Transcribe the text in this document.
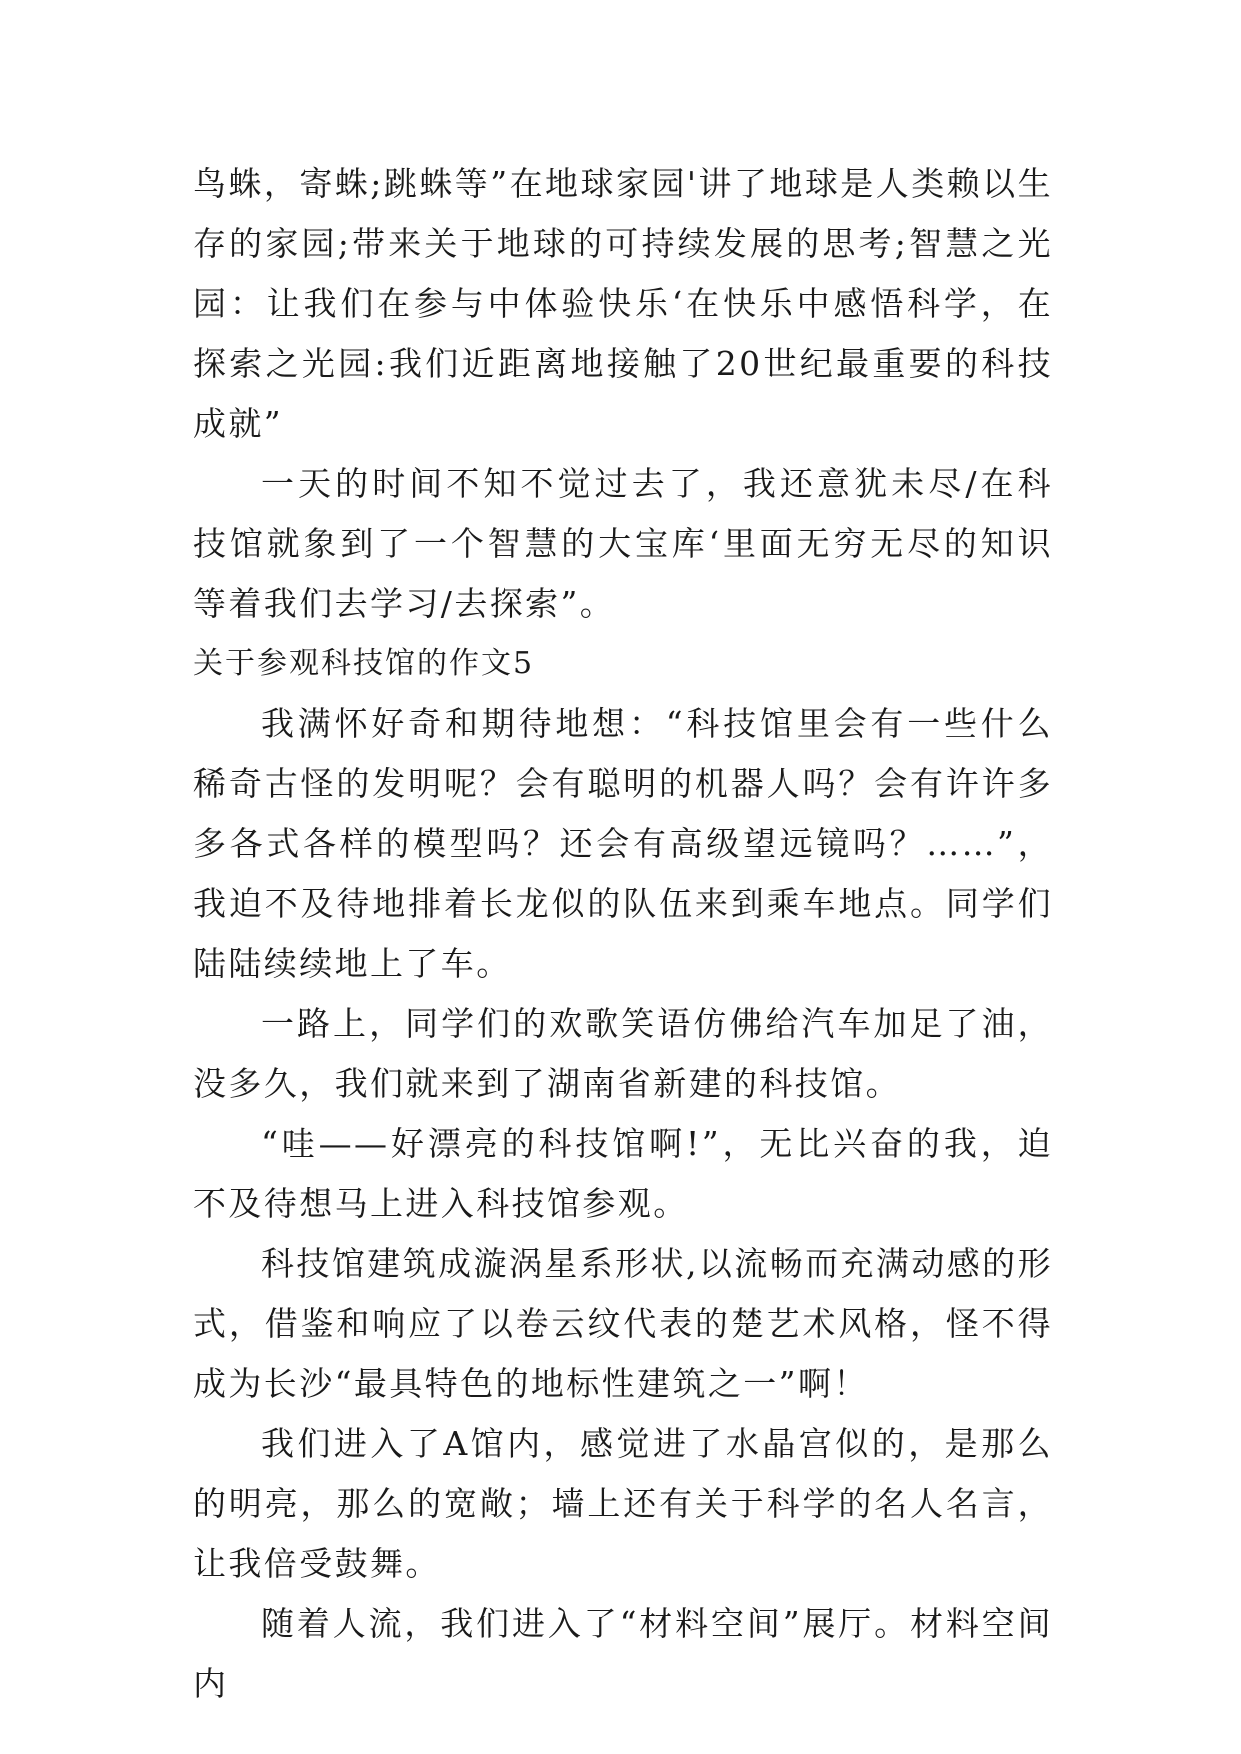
鸟蛛，寄蛛;跳蛛等”在地球家园'讲了地球是人类赖以生存的家园;带来关于地球的可持续发展的思考;智慧之光园：让我们在参与中体验快乐‘在快乐中感悟科学，在探索之光园:我们近距离地接触了20世纪最重要的科技成就”

一天的时间不知不觉过去了，我还意犹未尽/在科技馆就象到了一个智慧的大宝库‘里面无穷无尽的知识等着我们去学习/去探索”。

关于参观科技馆的作文5

我满怀好奇和期待地想：“科技馆里会有一些什么稀奇古怪的发明呢？会有聪明的机器人吗？会有许许多多各式各样的模型吗？还会有高级望远镜吗？……”，我迫不及待地排着长龙似的队伍来到乘车地点。同学们陆陆续续地上了车。

一路上，同学们的欢歌笑语仿佛给汽车加足了油，没多久，我们就来到了湖南省新建的科技馆。

“哇——好漂亮的科技馆啊!”，无比兴奋的我，迫不及待想马上进入科技馆参观。

科技馆建筑成漩涡星系形状,以流畅而充满动感的形式，借鉴和响应了以卷云纹代表的楚艺术风格，怪不得成为长沙“最具特色的地标性建筑之一”啊！

我们进入了A馆内，感觉进了水晶宫似的，是那么的明亮，那么的宽敞；墙上还有关于科学的名人名言，让我倍受鼓舞。

随着人流，我们进入了“材料空间”展厅。材料空间内
